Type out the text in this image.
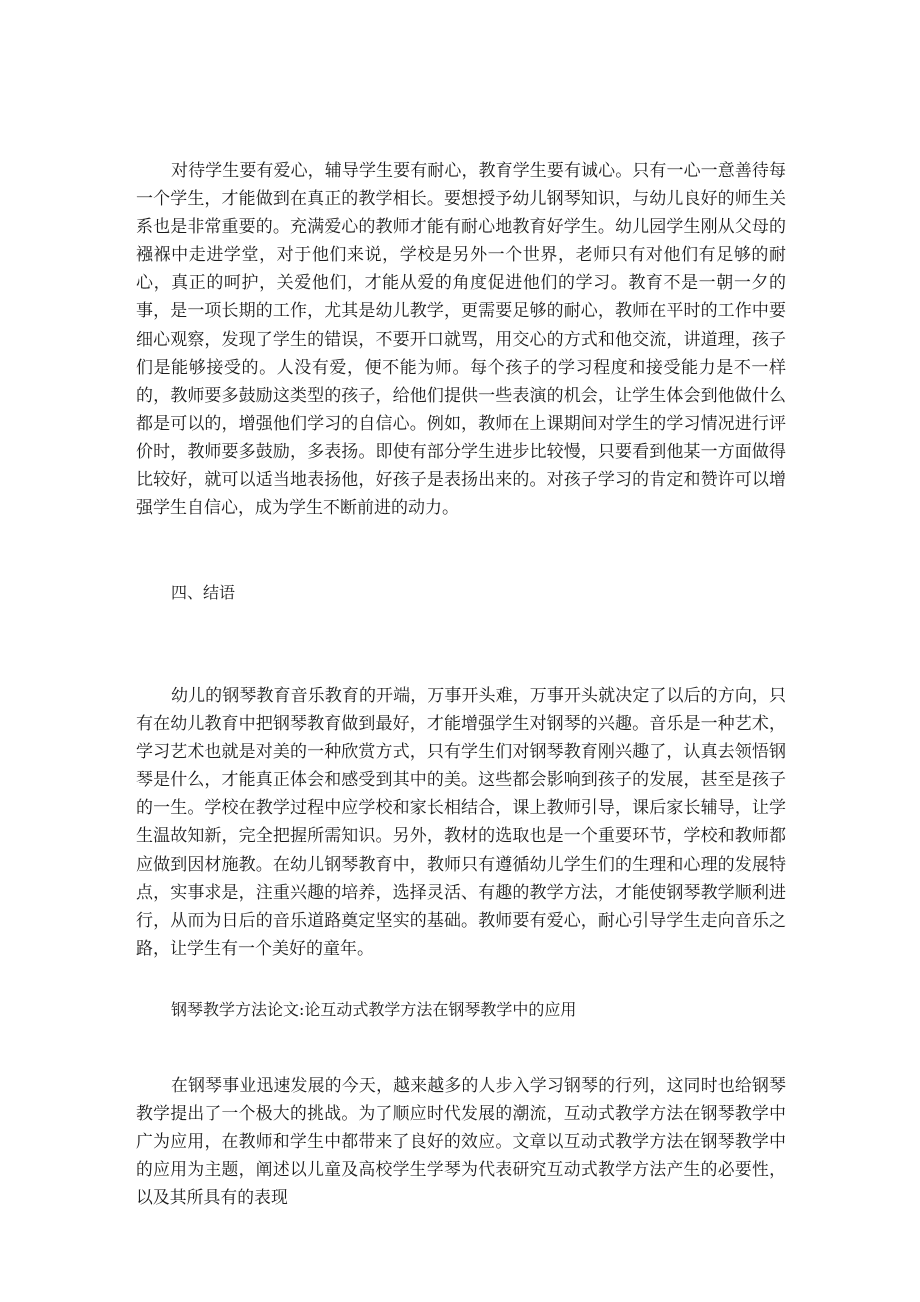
对待学生要有爱心，辅导学生要有耐心，教育学生要有诚心。只有一心一意善待每一个学生，才能做到在真正的教学相长。要想授予幼儿钢琴知识，与幼儿良好的师生关系也是非常重要的。充满爱心的教师才能有耐心地教育好学生。幼儿园学生刚从父母的襁褓中走进学堂，对于他们来说，学校是另外一个世界，老师只有对他们有足够的耐心，真正的呵护，关爱他们，才能从爱的角度促进他们的学习。教育不是一朝一夕的事，是一项长期的工作，尤其是幼儿教学，更需要足够的耐心，教师在平时的工作中要细心观察，发现了学生的错误，不要开口就骂，用交心的方式和他交流，讲道理，孩子们是能够接受的。人没有爱，便不能为师。每个孩子的学习程度和接受能力是不一样的，教师要多鼓励这类型的孩子，给他们提供一些表演的机会，让学生体会到他做什么都是可以的，增强他们学习的自信心。例如，教师在上课期间对学生的学习情况进行评价时，教师要多鼓励，多表扬。即使有部分学生进步比较慢，只要看到他某一方面做得比较好，就可以适当地表扬他，好孩子是表扬出来的。对孩子学习的肯定和赞许可以增强学生自信心，成为学生不断前进的动力。

四、结语

幼儿的钢琴教育音乐教育的开端，万事开头难，万事开头就决定了以后的方向，只有在幼儿教育中把钢琴教育做到最好，才能增强学生对钢琴的兴趣。音乐是一种艺术，学习艺术也就是对美的一种欣赏方式，只有学生们对钢琴教育刚兴趣了，认真去领悟钢琴是什么，才能真正体会和感受到其中的美。这些都会影响到孩子的发展，甚至是孩子的一生。学校在教学过程中应学校和家长相结合，课上教师引导，课后家长辅导，让学生温故知新，完全把握所需知识。另外，教材的选取也是一个重要环节，学校和教师都应做到因材施教。在幼儿钢琴教育中，教师只有遵循幼儿学生们的生理和心理的发展特点，实事求是，注重兴趣的培养，选择灵活、有趣的教学方法，才能使钢琴教学顺利进行，从而为日后的音乐道路奠定坚实的基础。教师要有爱心，耐心引导学生走向音乐之路，让学生有一个美好的童年。

钢琴教学方法论文:论互动式教学方法在钢琴教学中的应用

在钢琴事业迅速发展的今天，越来越多的人步入学习钢琴的行列，这同时也给钢琴教学提出了一个极大的挑战。为了顺应时代发展的潮流，互动式教学方法在钢琴教学中广为应用，在教师和学生中都带来了良好的效应。文章以互动式教学方法在钢琴教学中的应用为主题，阐述以儿童及高校学生学琴为代表研究互动式教学方法产生的必要性，以及其所具有的表现
